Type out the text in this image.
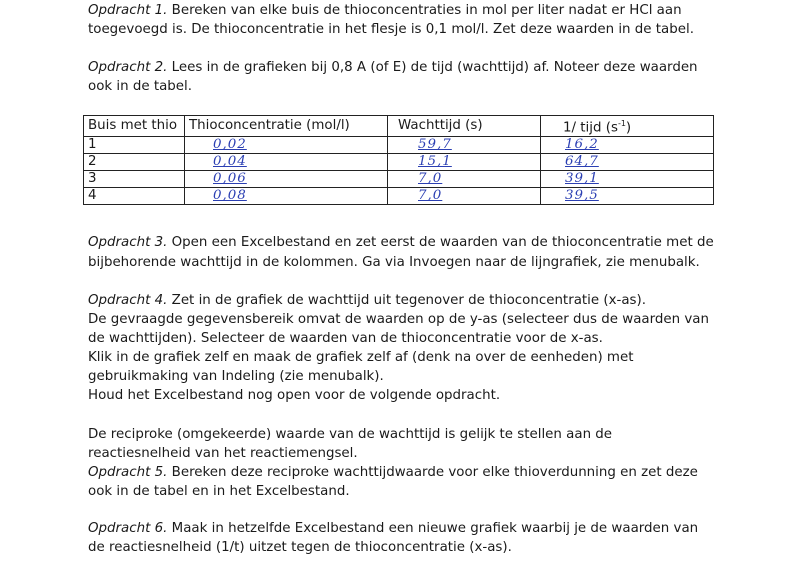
Opdracht 1. Bereken van elke buis de thioconcentraties in mol per liter nadat er HCl aan

toegevoegd is. De thioconcentratie in het flesje is 0,1 mol/l. Zet deze waarden in de tabel.

Opdracht 2. Lees in de grafieken bij 0,8 A (of E) de tijd (wachttijd) af. Noteer deze waarden

ook in de tabel.

Buis met thio	Thioconcentratie (mol/l)	Wachttijd (s)	1/ tijd $(s^{-1})$
1	0,02	59,7	16,2
2	0,04	15,1	64,7
3	0,06	7,0	39,1
4	0,08	7,0	39,5

Opdracht 3. Open een Excelbestand en zet eerst de waarden van de thioconcentratie met de

bijbehorende wachttijd in de kolommen. Ga via Invoegen naar de lijngrafiek, zie menubalk.

Opdracht 4. Zet in de grafiek de wachttijd uit tegenover de thioconcentratie (x-as).

De gevraagde gegevensbereik omvat de waarden op de y-as (selecteer dus de waarden van

de wachttijden). Selecteer de waarden van de thioconcentratie voor de x-as.

Klik in de grafiek zelf en maak de grafiek zelf af (denk na over de eenheden) met

gebruikmaking van Indeling (zie menubalk).

Houd het Excelbestand nog open voor de volgende opdracht.

De reciproke (omgekeerde) waarde van de wachttijd is gelijk te stellen aan de

reactiesnelheid van het reactiemengsel.

Opdracht 5. Bereken deze reciproke wachttijdwaarde voor elke thioverdunning en zet deze

ook in de tabel en in het Excelbestand.

Opdracht 6. Maak in hetzelfde Excelbestand een nieuwe grafiek waarbij je de waarden van

de reactiesnelheid (1/t) uitzet tegen de thioconcentratie (x-as).
